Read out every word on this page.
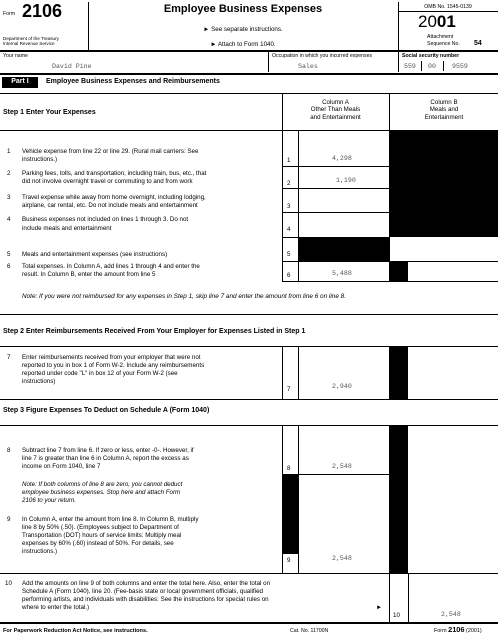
Form 2106
Department of the Treasury
Internal Revenue Service
Employee Business Expenses
► See separate instructions.
► Attach to Form 1040.
OMB No. 1545-0139
2001
Attachment
Sequence No. 54
Your name
David Pine
Occupation in which you incurred expenses
Sales
Social security number
559 00 9559
Part I	Employee Business Expenses and Reimbursements
Step 1 Enter Your Expenses
Column A
Other Than Meals
and Entertainment
Column B
Meals and
Entertainment
1 Vehicle expense from line 22 or line 29. (Rural mail carriers: See
instructions.)	1	4,298
2 Parking fees, tolls, and transportation, including train, bus, etc., that
did not involve overnight travel or commuting to and from work	2	1,190
3 Travel expense while away from home overnight, including lodging,
airplane, car rental, etc. Do not include meals and entertainment	3
4 Business expenses not included on lines 1 through 3. Do not
include meals and entertainment	4
5 Meals and entertainment expenses (see instructions)	5
6 Total expenses. In Column A, add lines 1 through 4 and enter the
result. In Column B, enter the amount from line 5	6	5,488
Note: If you were not reimbursed for any expenses in Step 1, skip line 7 and enter the amount from line 6 on line 8.
Step 2 Enter Reimbursements Received From Your Employer for Expenses Listed in Step 1
7 Enter reimbursements received from your employer that were not
reported to you in box 1 of Form W-2. Include any reimbursements
reported under code "L" in box 12 of your Form W-2 (see
instructions)
7	2,940
Step 3 Figure Expenses To Deduct on Schedule A (Form 1040)
8 Subtract line 7 from line 6. If zero or less, enter -0-. However, if
line 7 is greater than line 6 in Column A, report the excess as
income on Form 1040, line 7	8	2,548
Note: If both columns of line 8 are zero, you cannot deduct
employee business expenses. Stop here and attach Form
2106 to your return.
9 In Column A, enter the amount from line 8. In Column B, multiply
line 8 by 50% (.50). (Employees subject to Department of
Transportation (DOT) hours of service limits: Multiply meal
expenses by 60% (.60) instead of 50%. For details, see
instructions.)
9	2,548
10 Add the amounts on line 9 of both columns and enter the total here. Also, enter the total on
Schedule A (Form 1040), line 20. (Fee-basis state or local government officials, qualified
performing artists, and individuals with disabilities: See the instructions for special rules on
where to enter the total.)	►
10	2,548
For Paperwork Reduction Act Notice, see instructions.	Cat. No. 11700N	Form 2106 (2001)
